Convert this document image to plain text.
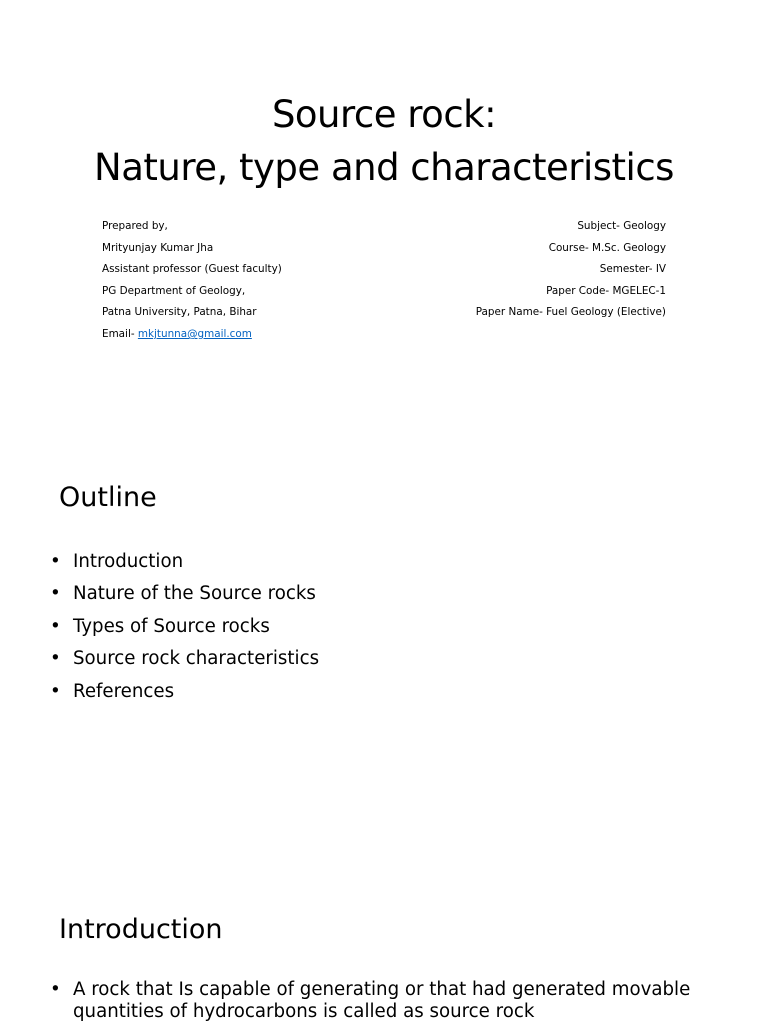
Source rock:
Nature, type and characteristics
Prepared by,
Mrityunjay Kumar Jha
Assistant professor (Guest faculty)
PG Department of Geology,
Patna University, Patna, Bihar
Email- mkjtunna@gmail.com
Subject- Geology
Course- M.Sc. Geology
Semester- IV
Paper Code- MGELEC-1
Paper Name- Fuel Geology (Elective)
Outline
• Introduction
• Nature of the Source rocks
• Types of Source rocks
• Source rock characteristics
• References
Introduction
• A rock that Is capable of generating or that had generated movable quantities of hydrocarbons is called as source rock
